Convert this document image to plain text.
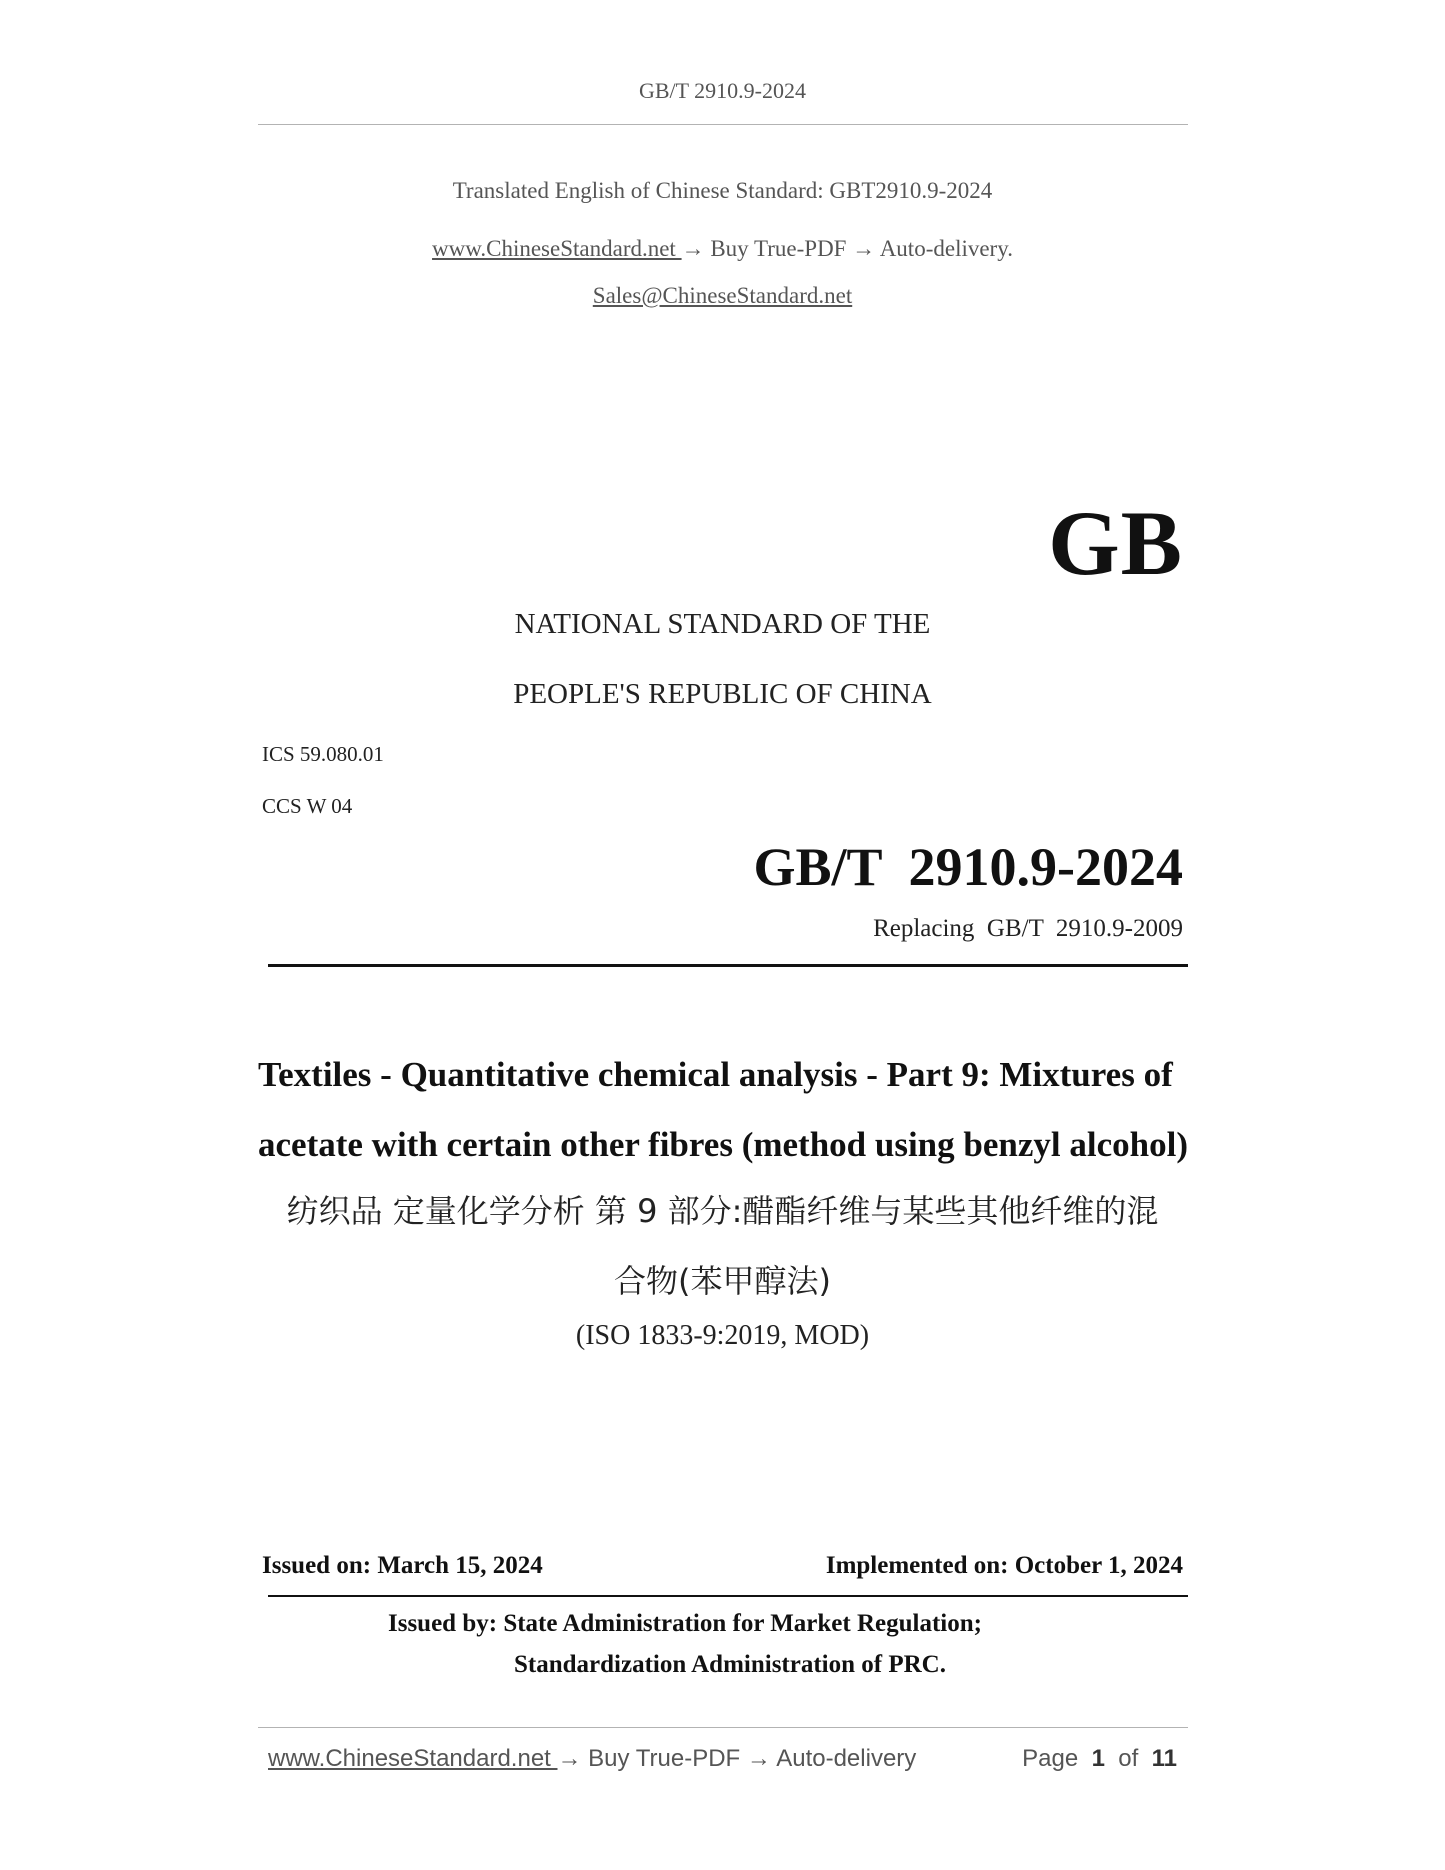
GB/T 2910.9-2024
Translated English of Chinese Standard: GBT2910.9-2024
www.ChineseStandard.net → Buy True-PDF → Auto-delivery.
Sales@ChineseStandard.net
GB
NATIONAL STANDARD OF THE
PEOPLE'S REPUBLIC OF CHINA
ICS 59.080.01
CCS W 04
GB/T  2910.9-2024
Replacing  GB/T  2910.9-2009
Textiles - Quantitative chemical analysis - Part 9: Mixtures of acetate with certain other fibres (method using benzyl alcohol)
纺织品 定量化学分析 第 9 部分:醋酯纤维与某些其他纤维的混
合物(苯甲醇法)
(ISO 1833-9:2019, MOD)
Issued on: March 15, 2024	Implemented on: October 1, 2024
Issued by: State Administration for Market Regulation;
Standardization Administration of PRC.
www.ChineseStandard.net → Buy True-PDF → Auto-delivery	Page 1 of 11
